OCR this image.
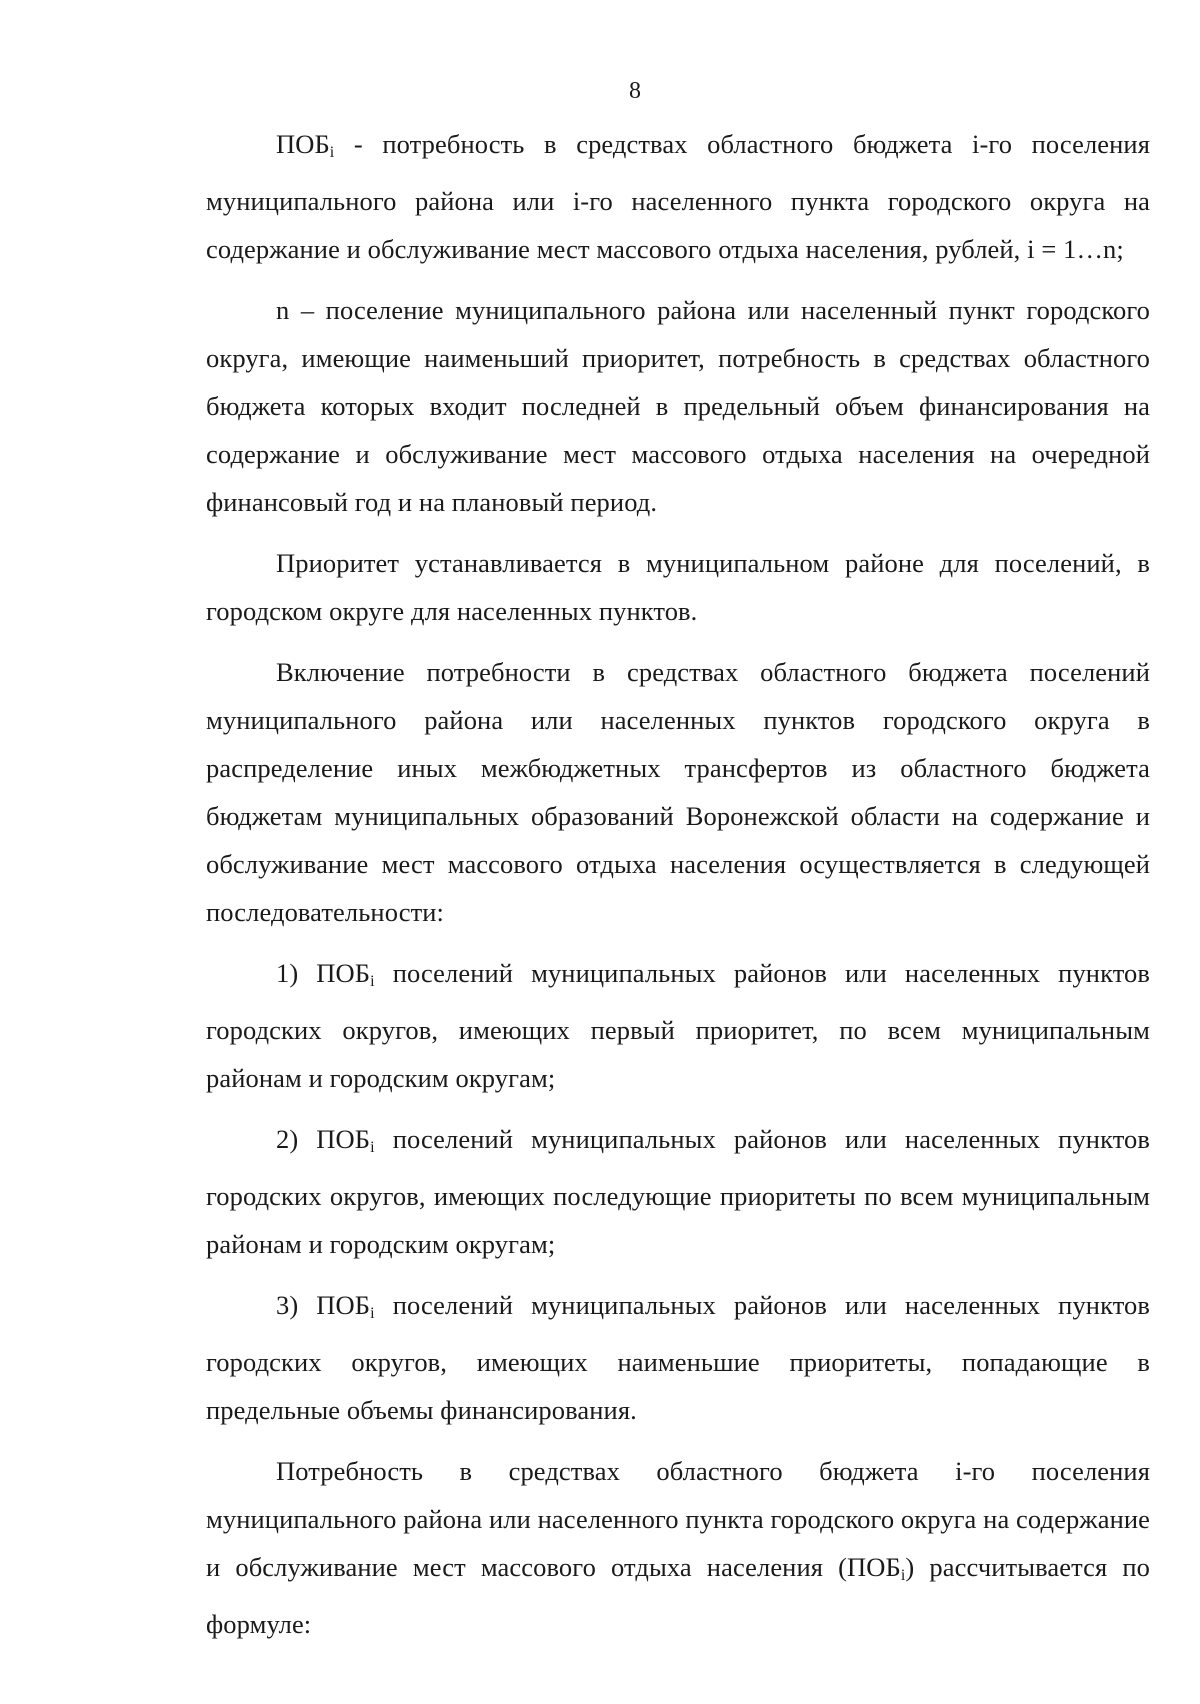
8

$ПОБ_i$ - потребность в средствах областного бюджета i-го поселения муниципального района или i-го населенного пункта городского округа на содержание и обслуживание мест массового отдыха населения, рублей, i = 1…n;

n – поселение муниципального района или населенный пункт городского округа, имеющие наименьший приоритет, потребность в средствах областного бюджета которых входит последней в предельный объем финансирования на содержание и обслуживание мест массового отдыха населения на очередной финансовый год и на плановый период.

Приоритет устанавливается в муниципальном районе для поселений, в городском округе для населенных пунктов.

Включение потребности в средствах областного бюджета поселений муниципального района или населенных пунктов городского округа в распределение иных межбюджетных трансфертов из областного бюджета бюджетам муниципальных образований Воронежской области на содержание и обслуживание мест массового отдыха населения осуществляется в следующей последовательности:

1) $ПОБ_i$ поселений муниципальных районов или населенных пунктов городских округов, имеющих первый приоритет, по всем муниципальным районам и городским округам;

2) $ПОБ_i$ поселений муниципальных районов или населенных пунктов городских округов, имеющих последующие приоритеты по всем муниципальным районам и городским округам;

3) $ПОБ_i$ поселений муниципальных районов или населенных пунктов городских округов, имеющих наименьшие приоритеты, попадающие в предельные объемы финансирования.

Потребность в средствах областного бюджета i-го поселения муниципального района или населенного пункта городского округа на содержание и обслуживание мест массового отдыха населения $(ПОБ_i)$ рассчитывается по формуле:
